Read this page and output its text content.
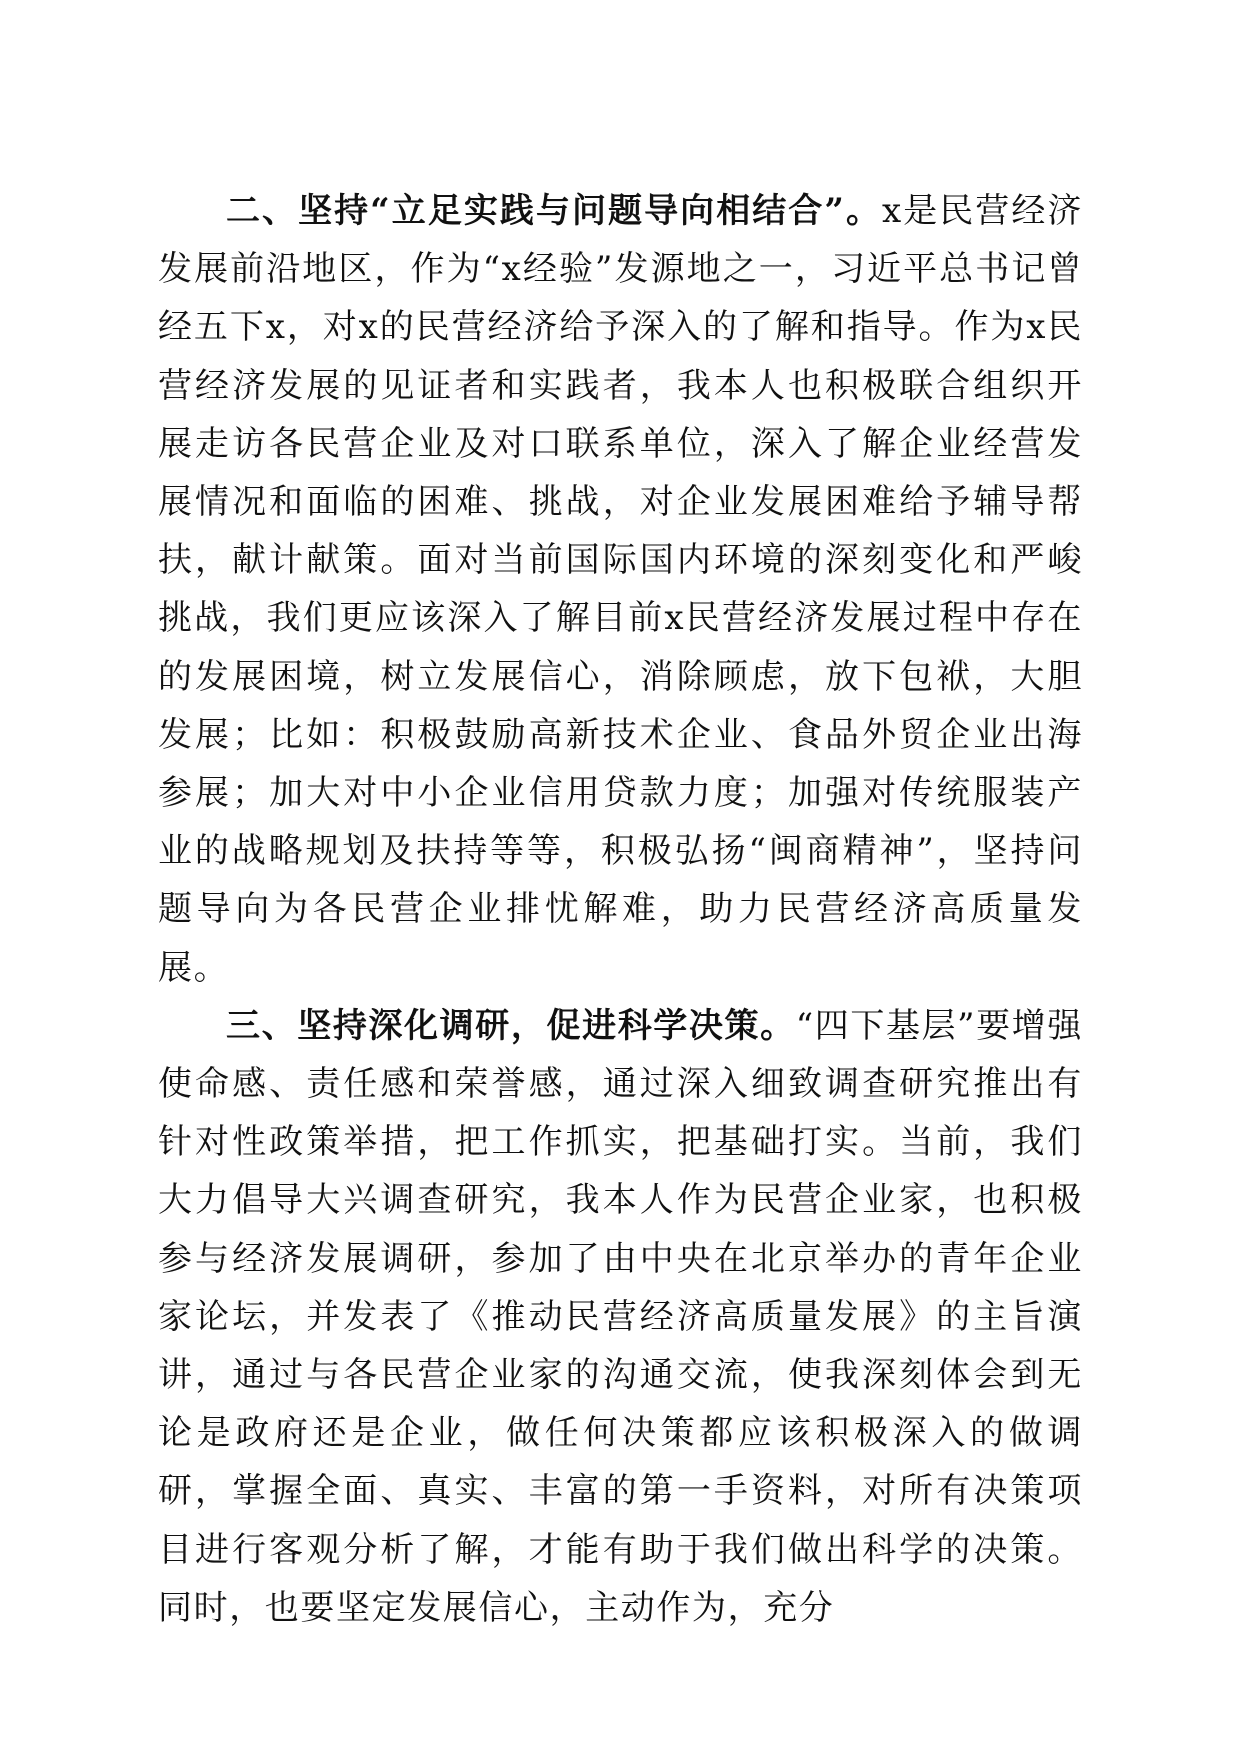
二、坚持“立足实践与问题导向相结合”。x是民营经济发展前沿地区，作为“x经验”发源地之一，习近平总书记曾经五下x，对x的民营经济给予深入的了解和指导。作为x民营经济发展的见证者和实践者，我本人也积极联合组织开展走访各民营企业及对口联系单位，深入了解企业经营发展情况和面临的困难、挑战，对企业发展困难给予辅导帮扶，献计献策。面对当前国际国内环境的深刻变化和严峻挑战，我们更应该深入了解目前x民营经济发展过程中存在的发展困境，树立发展信心，消除顾虑，放下包袱，大胆发展；比如：积极鼓励高新技术企业、食品外贸企业出海参展；加大对中小企业信用贷款力度；加强对传统服装产业的战略规划及扶持等等，积极弘扬“闽商精神”，坚持问题导向为各民营企业排忧解难，助力民营经济高质量发展。

三、坚持深化调研，促进科学决策。“四下基层”要增强使命感、责任感和荣誉感，通过深入细致调查研究推出有针对性政策举措，把工作抓实，把基础打实。当前，我们大力倡导大兴调查研究，我本人作为民营企业家，也积极参与经济发展调研，参加了由中央在北京举办的青年企业家论坛，并发表了《推动民营经济高质量发展》的主旨演讲，通过与各民营企业家的沟通交流，使我深刻体会到无论是政府还是企业，做任何决策都应该积极深入的做调研，掌握全面、真实、丰富的第一手资料，对所有决策项目进行客观分析了解，才能有助于我们做出科学的决策。同时，也要坚定发展信心，主动作为，充分
